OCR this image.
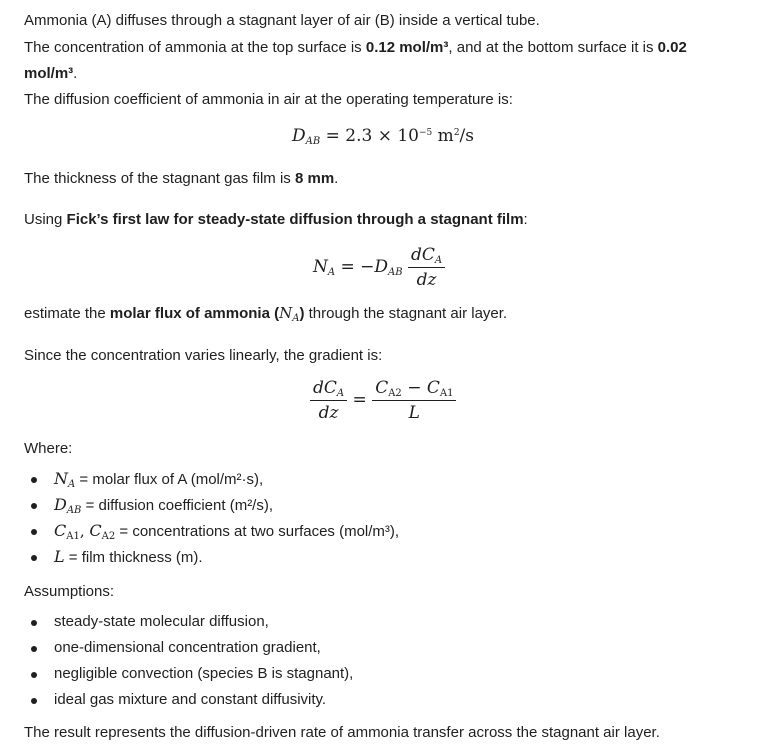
Ammonia (A) diffuses through a stagnant layer of air (B) inside a vertical tube.
The concentration of ammonia at the top surface is 0.12 mol/m³, and at the bottom surface it is 0.02
mol/m³.
The diffusion coefficient of ammonia in air at the operating temperature is:
$D_{AB} = 2.3 \times 10^{-5}$ $m^2/s$
The thickness of the stagnant gas film is 8 mm.
Using Fick’s first law for steady-state diffusion through a stagnant film:
$N_A = -D_{AB} \frac{dC_A}{dz}$
estimate the molar flux of ammonia $(N_A)$ through the stagnant air layer.
Since the concentration varies linearly, the gradient is:
$\frac{dC_A}{dz} = \frac{CA2 - CA1}{L}$
Where:
$N_A$ = molar flux of A (mol/m²·s),
$D_{AB}$ = diffusion coefficient (m²/s),
$C_{A1}$, $C_{A2}$ = concentrations at two surfaces (mol/m³),
L = film thickness (m).
Assumptions:
steady-state molecular diffusion,
one-dimensional concentration gradient,
negligible convection (species B is stagnant),
ideal gas mixture and constant diffusivity.
The result represents the diffusion-driven rate of ammonia transfer across the stagnant air layer.
